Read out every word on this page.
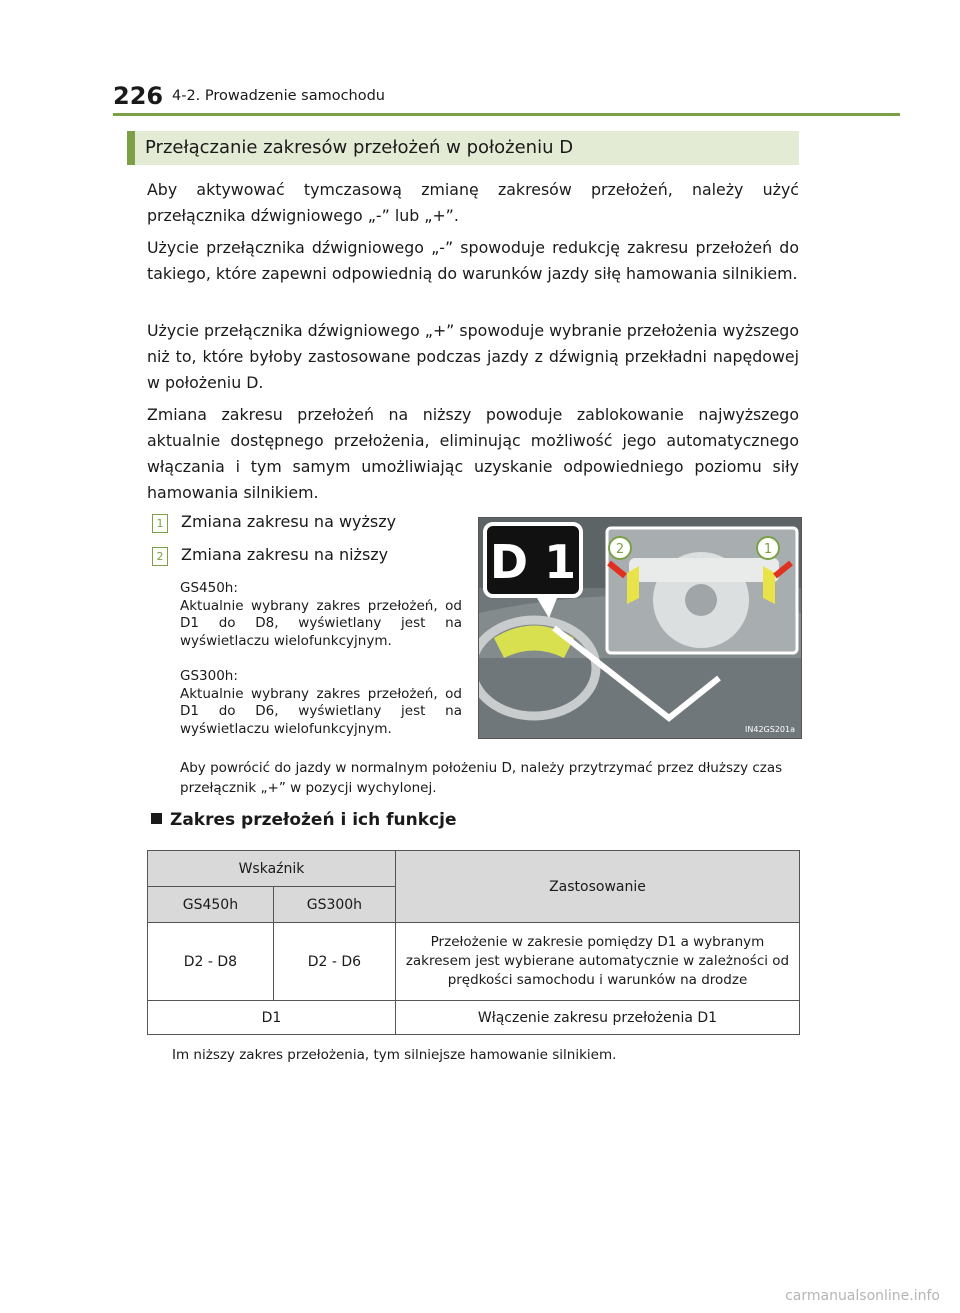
226 4-2. Prowadzenie samochodu
Przełączanie zakresów przełożeń w położeniu D
Aby aktywować tymczasową zmianę zakresów przełożeń, należy użyć przełącznika dźwigniowego „-” lub „+”.
Użycie przełącznika dźwigniowego „-” spowoduje redukcję zakresu przełożeń do takiego, które zapewni odpowiednią do warunków jazdy siłę hamowania silnikiem.
Użycie przełącznika dźwigniowego „+” spowoduje wybranie przełożenia wyższego niż to, które byłoby zastosowane podczas jazdy z dźwignią przekładni napędowej w położeniu D.
Zmiana zakresu przełożeń na niższy powoduje zablokowanie najwyższego aktualnie dostępnego przełożenia, eliminując możliwość jego automatycznego włączania i tym samym umożliwiając uzyskanie odpowiedniego poziomu siły hamowania silnikiem.
1 Zmiana zakresu na wyższy
2 Zmiana zakresu na niższy
GS450h:
Aktualnie wybrany zakres przełożeń, od D1 do D8, wyświetlany jest na wyświetlaczu wielofunkcyjnym.
GS300h:
Aktualnie wybrany zakres przełożeń, od D1 do D6, wyświetlany jest na wyświetlaczu wielofunkcyjnym.
2	1
D 1
IN42GS201a
Aby powrócić do jazdy w normalnym położeniu D, należy przytrzymać przez dłuższy czas przełącznik „+” w pozycji wychylonej.
Zakres przełożeń i ich funkcje
Wskaźnik		Zastosowanie
GS450h	GS300h	
D2 - D8	D2 - D6	Przełożenie w zakresie pomiędzy D1 a wybranym zakresem jest wybierane automatycznie w zależności od prędkości samochodu i warunków na drodze
D1		Włączenie zakresu przełożenia D1
Im niższy zakres przełożenia, tym silniejsze hamowanie silnikiem.
carmanualsonline.info
